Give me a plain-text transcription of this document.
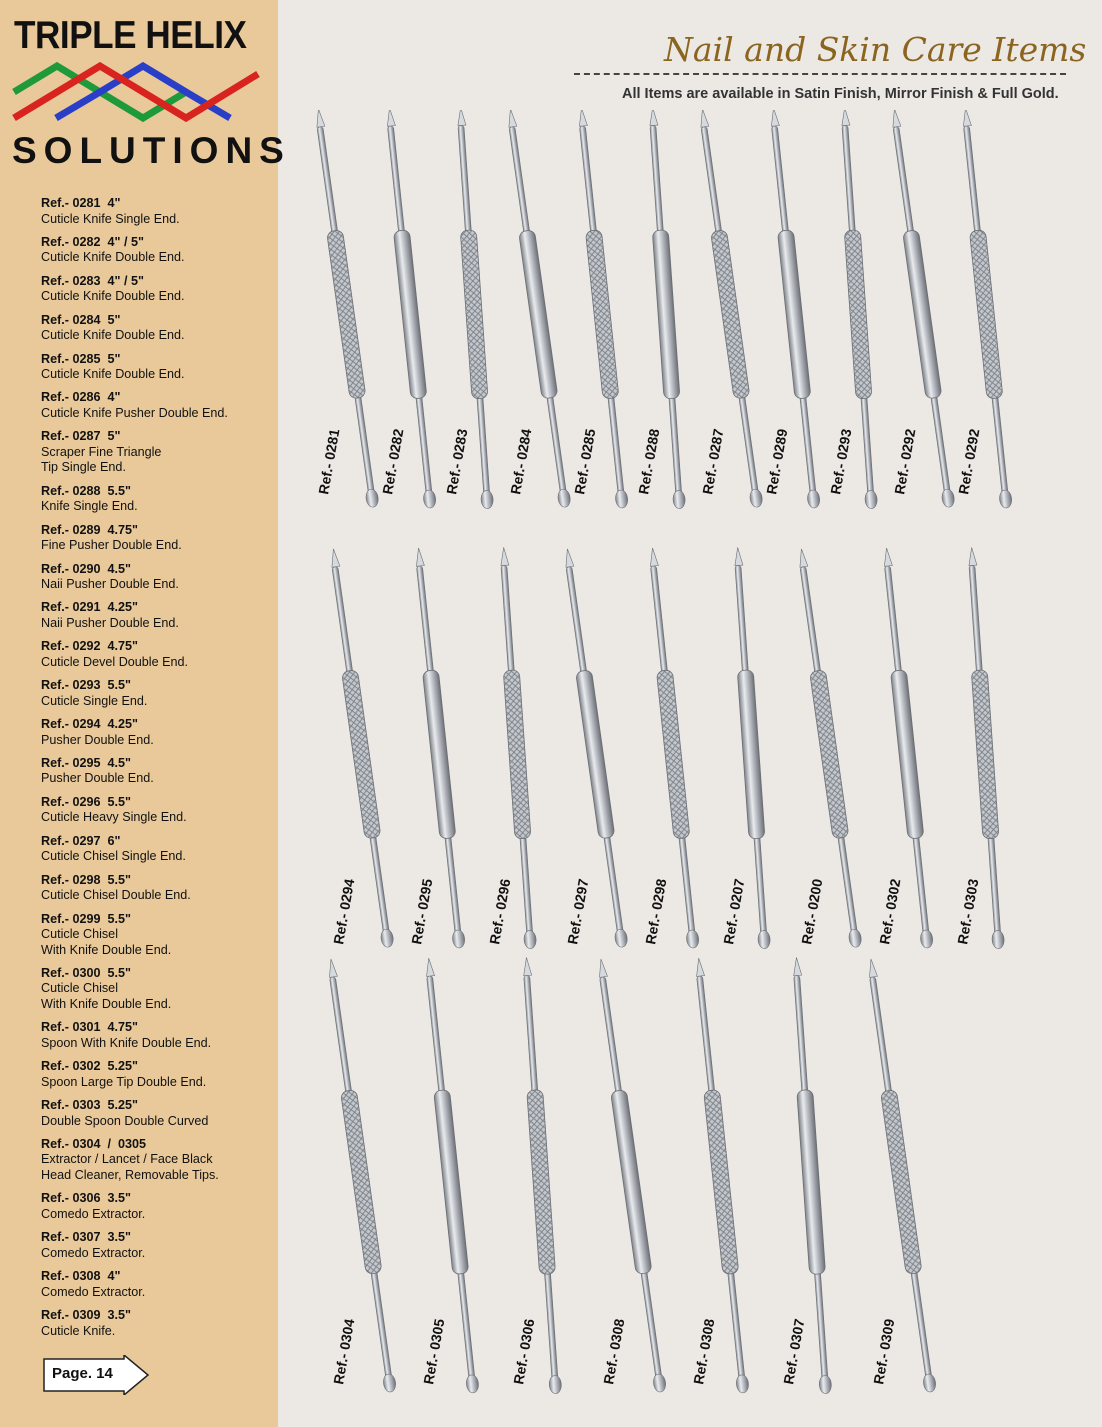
TRIPLE HELIX
SOLUTIONS
Ref.- 0281  4"
Cuticle Knife Single End.
Ref.- 0282  4" / 5"
Cuticle Knife Double End.
Ref.- 0283  4" / 5"
Cuticle Knife Double End.
Ref.- 0284  5"
Cuticle Knife Double End.
Ref.- 0285  5"
Cuticle Knife Double End.
Ref.- 0286  4"
Cuticle Knife Pusher Double End.
Ref.- 0287  5"
Scraper Fine Triangle
Tip Single End.
Ref.- 0288  5.5"
Knife Single End.
Ref.- 0289  4.75"
Fine Pusher Double End.
Ref.- 0290  4.5"
Naii Pusher Double End.
Ref.- 0291  4.25"
Naii Pusher Double End.
Ref.- 0292  4.75"
Cuticle Devel Double End.
Ref.- 0293  5.5"
Cuticle Single End.
Ref.- 0294  4.25"
Pusher Double End.
Ref.- 0295  4.5"
Pusher Double End.
Ref.- 0296  5.5"
Cuticle Heavy Single End.
Ref.- 0297  6"
Cuticle Chisel Single End.
Ref.- 0298  5.5"
Cuticle Chisel Double End.
Ref.- 0299  5.5"
Cuticle Chisel
With Knife Double End.
Ref.- 0300  5.5"
Cuticle Chisel
With Knife Double End.
Ref.- 0301  4.75"
Spoon With Knife Double End.
Ref.- 0302  5.25"
Spoon Large Tip Double End.
Ref.- 0303  5.25"
Double Spoon Double Curved
Ref.- 0304  /  0305
Extractor / Lancet / Face Black
Head Cleaner, Removable Tips.
Ref.- 0306  3.5"
Comedo Extractor.
Ref.- 0307  3.5"
Comedo Extractor.
Ref.- 0308  4"
Comedo Extractor.
Ref.- 0309  3.5"
Cuticle Knife.
Page. 14
Nail and Skin Care Items
All Items are available in Satin Finish, Mirror Finish & Full Gold.
Ref.- 0281	Ref.- 0282	Ref.- 0283	Ref.- 0284	Ref.- 0285	Ref.- 0288	Ref.- 0287	Ref.- 0289	Ref.- 0293	Ref.- 0292	Ref.- 0292
Ref.- 0294	Ref.- 0295	Ref.- 0296	Ref.- 0297	Ref.- 0298	Ref.- 0207	Ref.- 0200	Ref.- 0302	Ref.- 0303
Ref.- 0304	Ref.- 0305	Ref.- 0306	Ref.- 0308	Ref.- 0308	Ref.- 0307	Ref.- 0309
